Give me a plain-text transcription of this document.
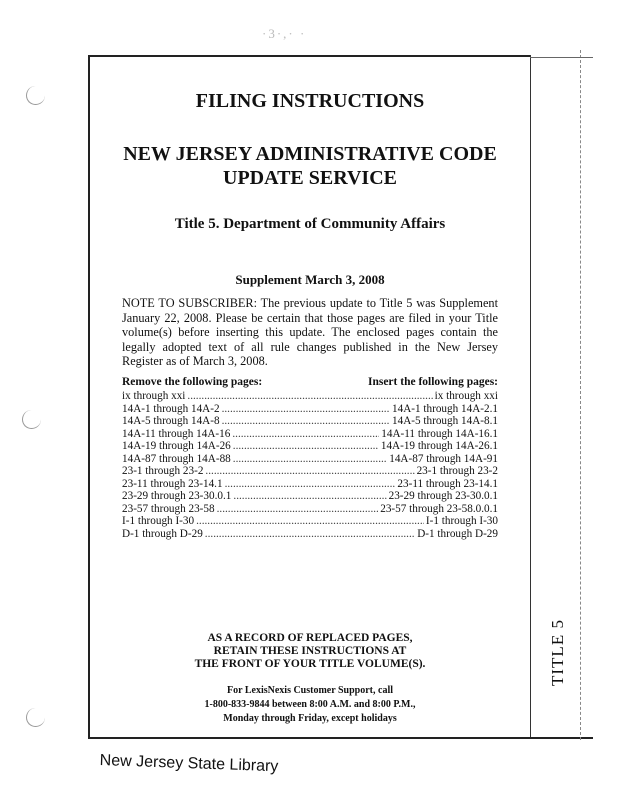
·3·,· ·
FILING INSTRUCTIONS
NEW JERSEY ADMINISTRATIVE CODE
UPDATE SERVICE
Title 5. Department of Community Affairs
Supplement March 3, 2008
NOTE TO SUBSCRIBER: The previous update to Title 5 was Supplement January 22, 2008. Please be certain that those pages are filed in your Title volume(s) before inserting this update. The enclosed pages contain the legally adopted text of all rule changes published in the New Jersey Register as of March 3, 2008.
Remove the following pages:	Insert the following pages:
ix through xxi .....	ix through xxi
14A-1 through 14A-2 .....	14A-1 through 14A-2.1
14A-5 through 14A-8 .....	14A-5 through 14A-8.1
14A-11 through 14A-16 .....	14A-11 through 14A-16.1
14A-19 through 14A-26 .....	14A-19 through 14A-26.1
14A-87 through 14A-88 .....	14A-87 through 14A-91
23-1 through 23-2 .....	23-1 through 23-2
23-11 through 23-14.1 .....	23-11 through 23-14.1
23-29 through 23-30.0.1 .....	23-29 through 23-30.0.1
23-57 through 23-58 .....	23-57 through 23-58.0.0.1
I-1 through I-30 .....	I-1 through I-30
D-1 through D-29 .....	D-1 through D-29
AS A RECORD OF REPLACED PAGES,
RETAIN THESE INSTRUCTIONS AT
THE FRONT OF YOUR TITLE VOLUME(S).
For LexisNexis Customer Support, call
1-800-833-9844 between 8:00 A.M. and 8:00 P.M.,
Monday through Friday, except holidays
TITLE 5
New Jersey State Library
